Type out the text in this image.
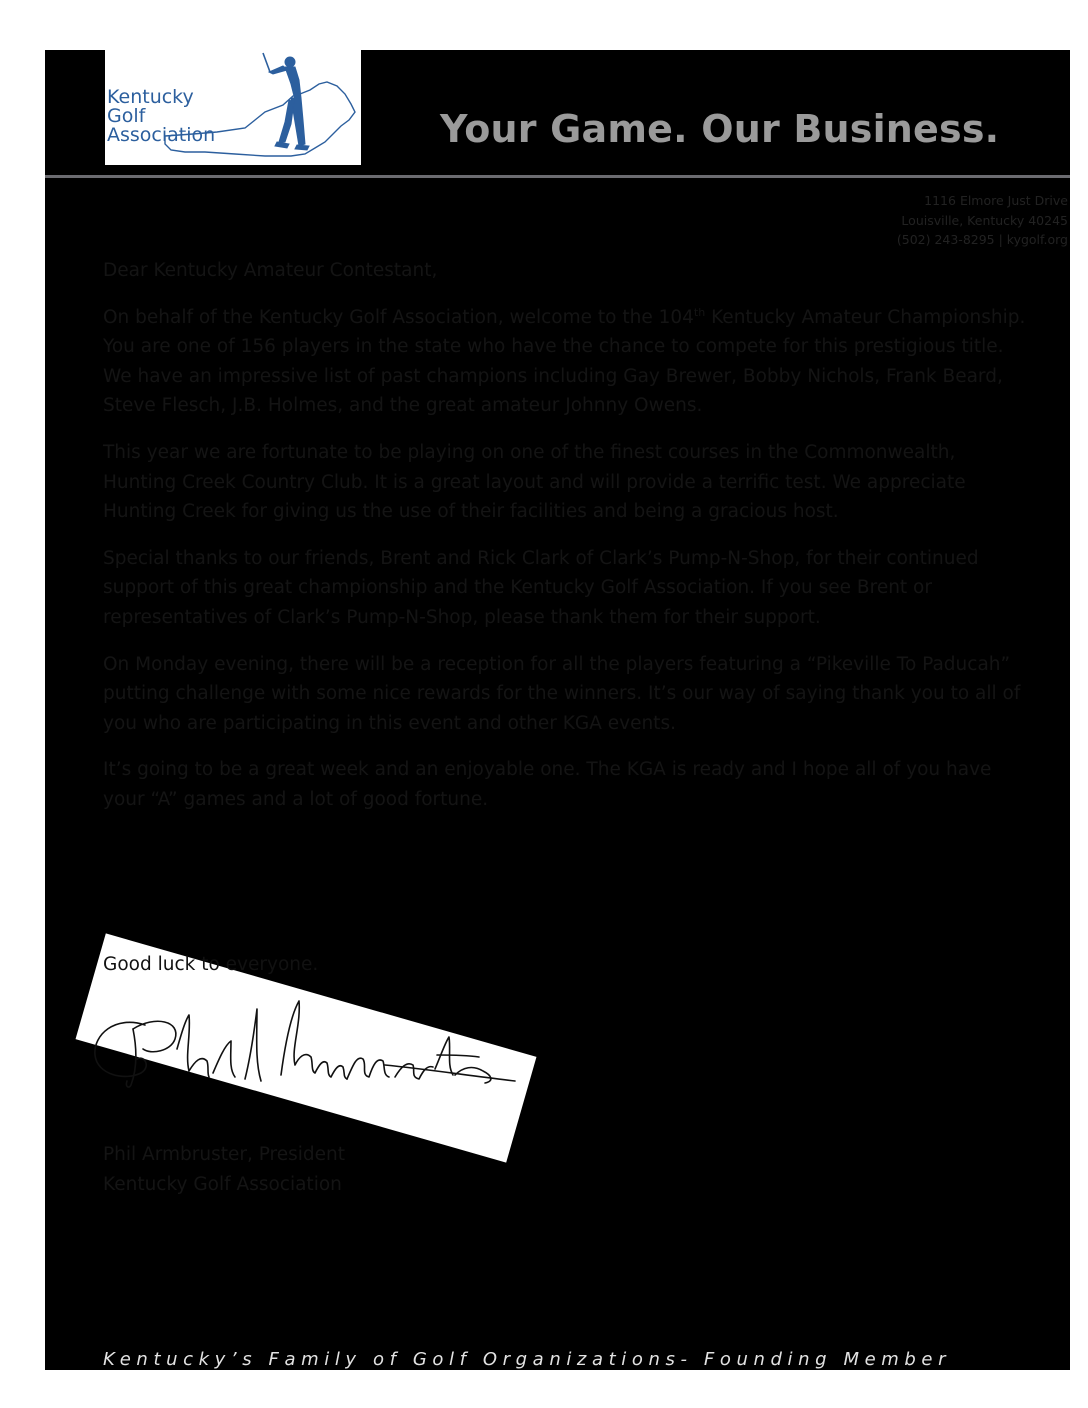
Kentucky
Golf
Association	Your Game. Our Business.
1116 Elmore Just Drive
Louisville, Kentucky 40245
(502) 243-8295 | kygolf.org

Dear Kentucky Amateur Contestant,

On behalf of the Kentucky Golf Association, welcome to the 104th Kentucky Amateur Championship. You are one of 156 players in the state who have the chance to compete for this prestigious title. We have an impressive list of past champions including Gay Brewer, Bobby Nichols, Frank Beard, Steve Flesch, J.B. Holmes, and the great amateur Johnny Owens.

This year we are fortunate to be playing on one of the finest courses in the Commonwealth, Hunting Creek Country Club. It is a great layout and will provide a terrific test. We appreciate Hunting Creek for giving us the use of their facilities and being a gracious host.

Special thanks to our friends, Brent and Rick Clark of Clark’s Pump-N-Shop, for their continued support of this great championship and the Kentucky Golf Association. If you see Brent or representatives of Clark’s Pump-N-Shop, please thank them for their support.

On Monday evening, there will be a reception for all the players featuring a “Pikeville To Paducah” putting challenge with some nice rewards for the winners. It’s our way of saying thank you to all of you who are participating in this event and other KGA events.

It’s going to be a great week and an enjoyable one. The KGA is ready and I hope all of you have your “A” games and a lot of good fortune.

Good luck to everyone.
Phil Armbruster, President
Kentucky Golf Association
Kentucky’s Family of Golf Organizations- Founding Member
